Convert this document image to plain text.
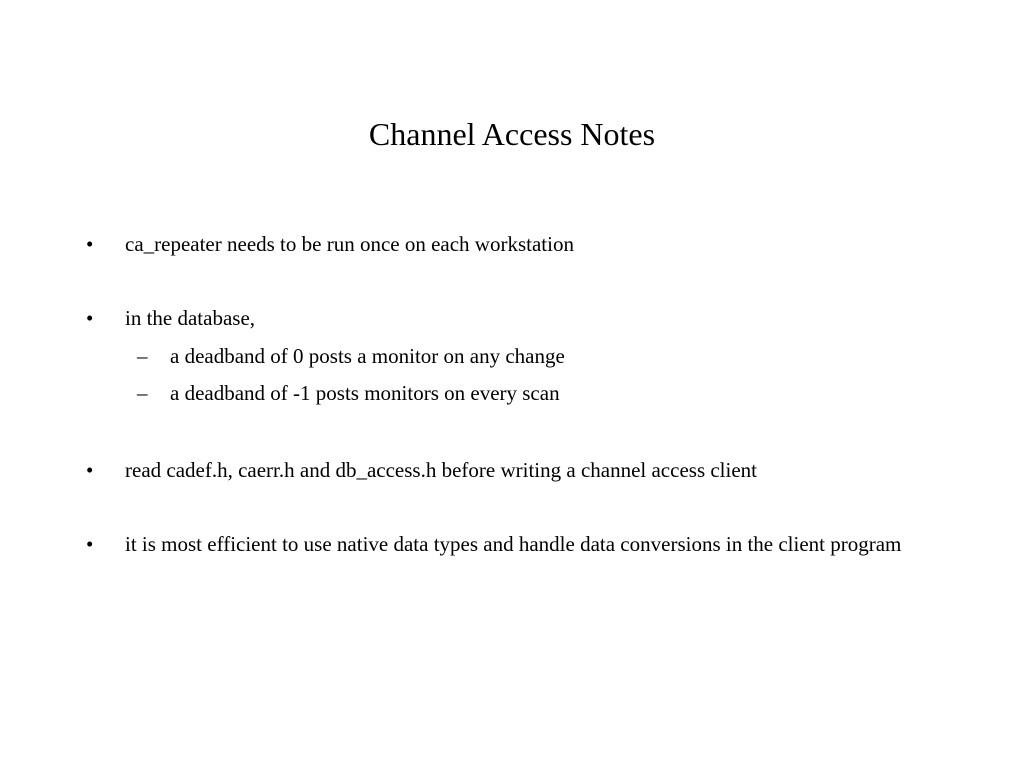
Channel Access Notes
• ca_repeater needs to be run once on each workstation
• in the database,
– a deadband of 0 posts a monitor on any change
– a deadband of -1 posts monitors on every scan
• read cadef.h, caerr.h and db_access.h before writing a channel access client
• it is most efficient to use native data types and handle data conversions in the client program
